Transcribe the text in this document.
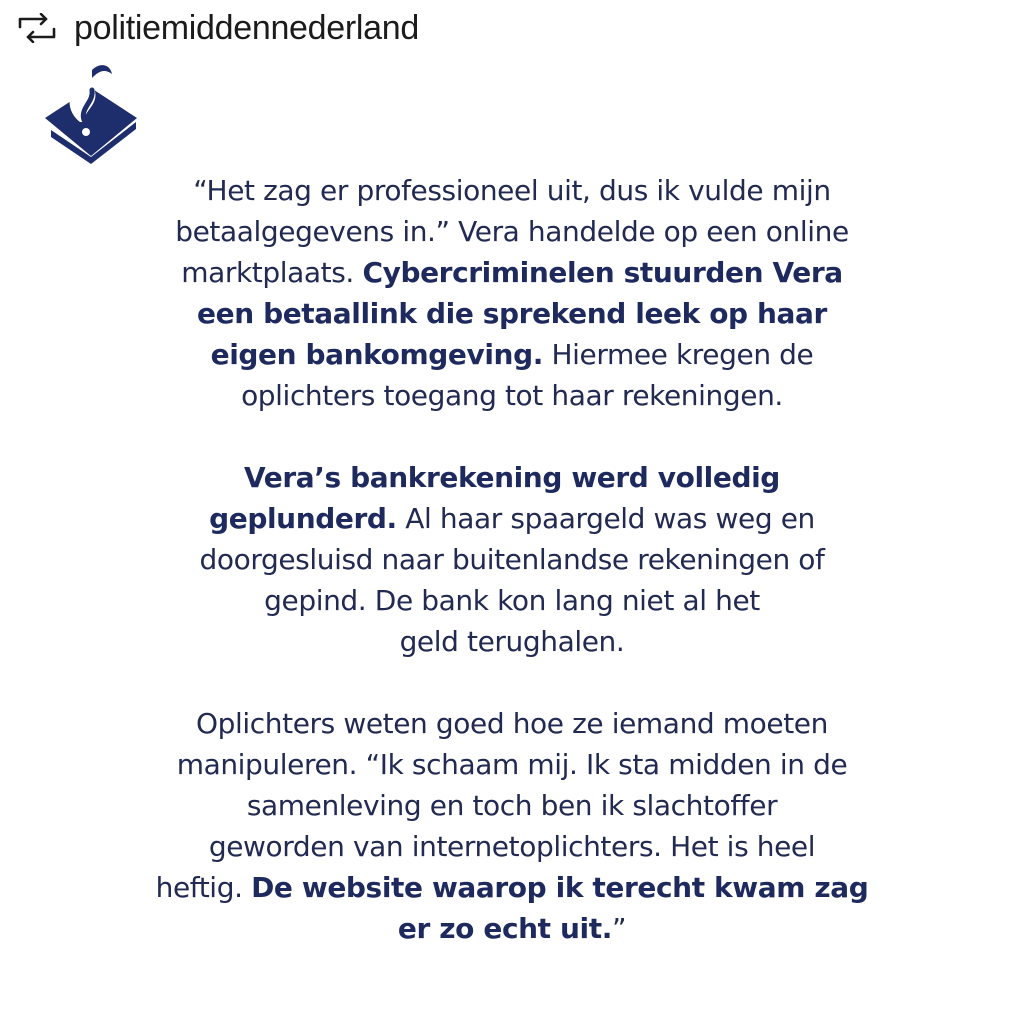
politiemiddennederland
“Het zag er professioneel uit, dus ik vulde mijn
betaalgegevens in.” Vera handelde op een online
marktplaats. Cybercriminelen stuurden Vera
een betaallink die sprekend leek op haar
eigen bankomgeving. Hiermee kregen de
oplichters toegang tot haar rekeningen.
Vera’s bankrekening werd volledig
geplunderd. Al haar spaargeld was weg en
doorgesluisd naar buitenlandse rekeningen of
gepind. De bank kon lang niet al het
geld terughalen.
Oplichters weten goed hoe ze iemand moeten
manipuleren. “Ik schaam mij. Ik sta midden in de
samenleving en toch ben ik slachtoffer
geworden van internetoplichters. Het is heel
heftig. De website waarop ik terecht kwam zag
er zo echt uit.”
